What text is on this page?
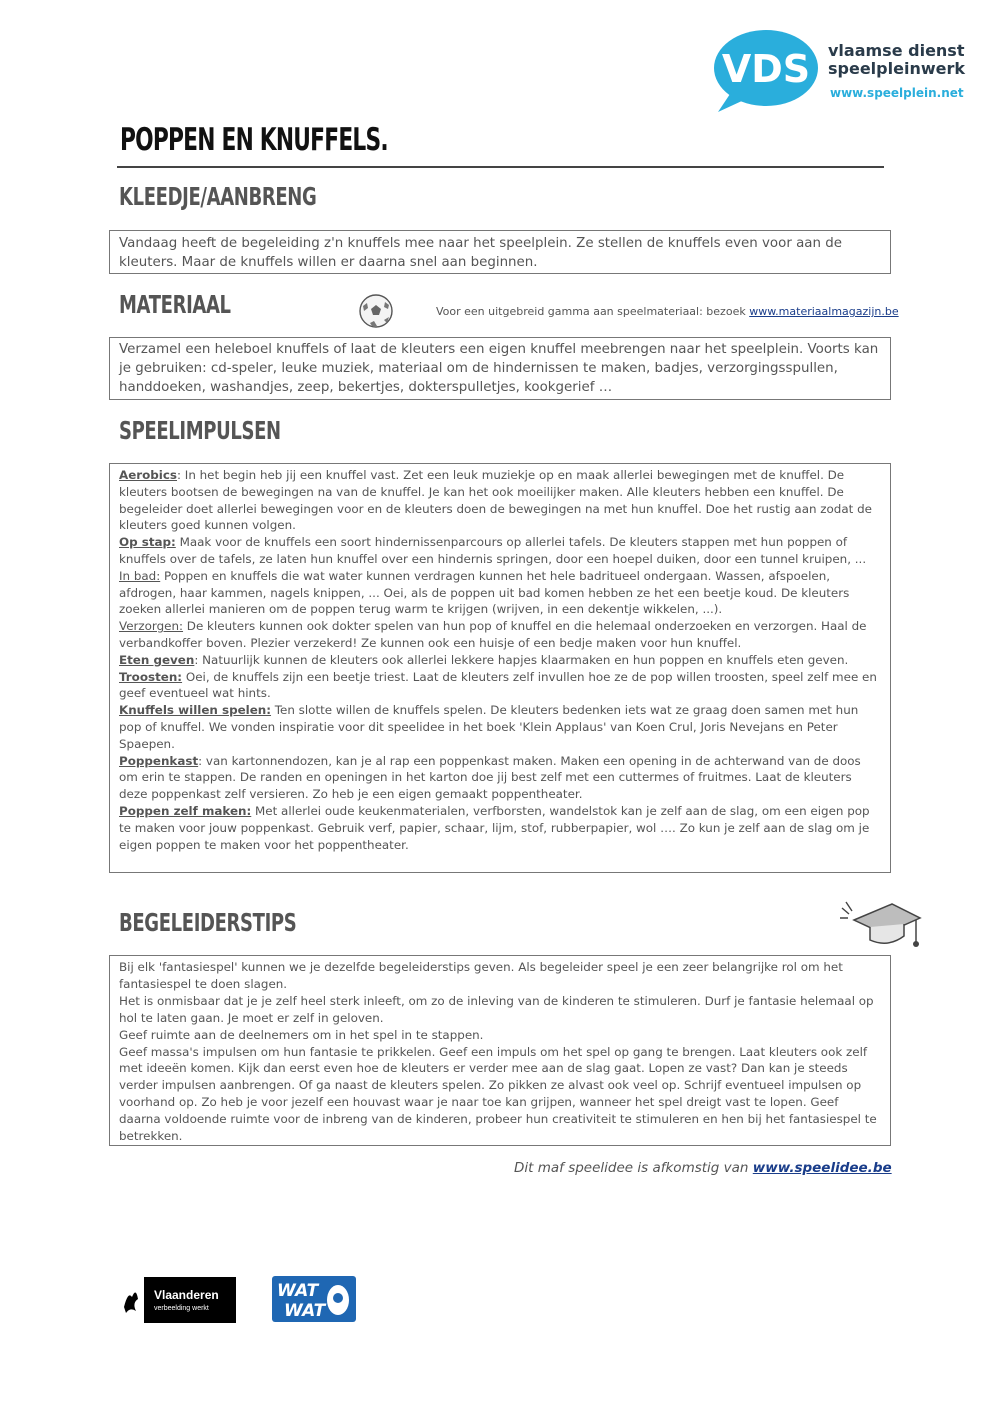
VDS vlaamse dienst
speelpleinwerk
www.speelplein.net
POPPEN EN KNUFFELS.
KLEEDJE/AANBRENG
Vandaag heeft de begeleiding z'n knuffels mee naar het speelplein. Ze stellen de knuffels even voor aan de kleuters. Maar de knuffels willen er daarna snel aan beginnen.
MATERIAAL	Voor een uitgebreid gamma aan speelmateriaal: bezoek www.materiaalmagazijn.be
Verzamel een heleboel knuffels of laat de kleuters een eigen knuffel meebrengen naar het speelplein. Voorts kan je gebruiken: cd-speler, leuke muziek, materiaal om de hindernissen te maken, badjes, verzorgingsspullen, handdoeken, washandjes, zeep, bekertjes, dokterspulletjes, kookgerief …
SPEELIMPULSEN

Aerobics: In het begin heb jij een knuffel vast. Zet een leuk muziekje op en maak allerlei bewegingen met de knuffel. De kleuters bootsen de bewegingen na van de knuffel. Je kan het ook moeilijker maken. Alle kleuters hebben een knuffel. De begeleider doet allerlei bewegingen voor en de kleuters doen de bewegingen na met hun knuffel. Doe het rustig aan zodat de kleuters goed kunnen volgen.

Op stap: Maak voor de knuffels een soort hindernissenparcours op allerlei tafels. De kleuters stappen met hun poppen of knuffels over de tafels, ze laten hun knuffel over een hindernis springen, door een hoepel duiken, door een tunnel kruipen, ...

In bad: Poppen en knuffels die wat water kunnen verdragen kunnen het hele badritueel ondergaan. Wassen, afspoelen, afdrogen, haar kammen, nagels knippen, ... Oei, als de poppen uit bad komen hebben ze het een beetje koud. De kleuters zoeken allerlei manieren om de poppen terug warm te krijgen (wrijven, in een dekentje wikkelen, ...).

Verzorgen: De kleuters kunnen ook dokter spelen van hun pop of knuffel en die helemaal onderzoeken en verzorgen. Haal de verbandkoffer boven. Plezier verzekerd! Ze kunnen ook een huisje of een bedje maken voor hun knuffel.

Eten geven: Natuurlijk kunnen de kleuters ook allerlei lekkere hapjes klaarmaken en hun poppen en knuffels eten geven.

Troosten: Oei, de knuffels zijn een beetje triest. Laat de kleuters zelf invullen hoe ze de pop willen troosten, speel zelf mee en geef eventueel wat hints.

Knuffels willen spelen: Ten slotte willen de knuffels spelen. De kleuters bedenken iets wat ze graag doen samen met hun pop of knuffel. We vonden inspiratie voor dit speelidee in het boek 'Klein Applaus' van Koen Crul, Joris Nevejans en Peter Spaepen.

Poppenkast: van kartonnendozen, kan je al rap een poppenkast maken. Maken een opening in de achterwand van de doos om erin te stappen. De randen en openingen in het karton doe jij best zelf met een cuttermes of fruitmes. Laat de kleuters deze poppenkast zelf versieren. Zo heb je een eigen gemaakt poppentheater.

Poppen zelf maken: Met allerlei oude keukenmaterialen, verfborsten, wandelstok kan je zelf aan de slag, om een eigen pop te maken voor jouw poppenkast. Gebruik verf, papier, schaar, lijm, stof, rubberpapier, wol …. Zo kun je zelf aan de slag om je eigen poppen te maken voor het poppentheater.

BEGELEIDERSTIPS

Bij elk 'fantasiespel' kunnen we je dezelfde begeleiderstips geven. Als begeleider speel je een zeer belangrijke rol om het fantasiespel te doen slagen.

Het is onmisbaar dat je je zelf heel sterk inleeft, om zo de inleving van de kinderen te stimuleren. Durf je fantasie helemaal op hol te laten gaan. Je moet er zelf in geloven.

Geef ruimte aan de deelnemers om in het spel in te stappen.

Geef massa's impulsen om hun fantasie te prikkelen. Geef een impuls om het spel op gang te brengen. Laat kleuters ook zelf met ideeën komen. Kijk dan eerst even hoe de kleuters er verder mee aan de slag gaat. Lopen ze vast? Dan kan je steeds verder impulsen aanbrengen. Of ga naast de kleuters spelen. Zo pikken ze alvast ook veel op. Schrijf eventueel impulsen op voorhand op. Zo heb je voor jezelf een houvast waar je naar toe kan grijpen, wanneer het spel dreigt vast te lopen. Geef daarna voldoende ruimte voor de inbreng van de kinderen, probeer hun creativiteit te stimuleren en hen bij het fantasiespel te betrekken.

Dit maf speelidee is afkomstig van www.speelidee.be
Vlaanderen
verbeelding werkt
WAT
WAT
